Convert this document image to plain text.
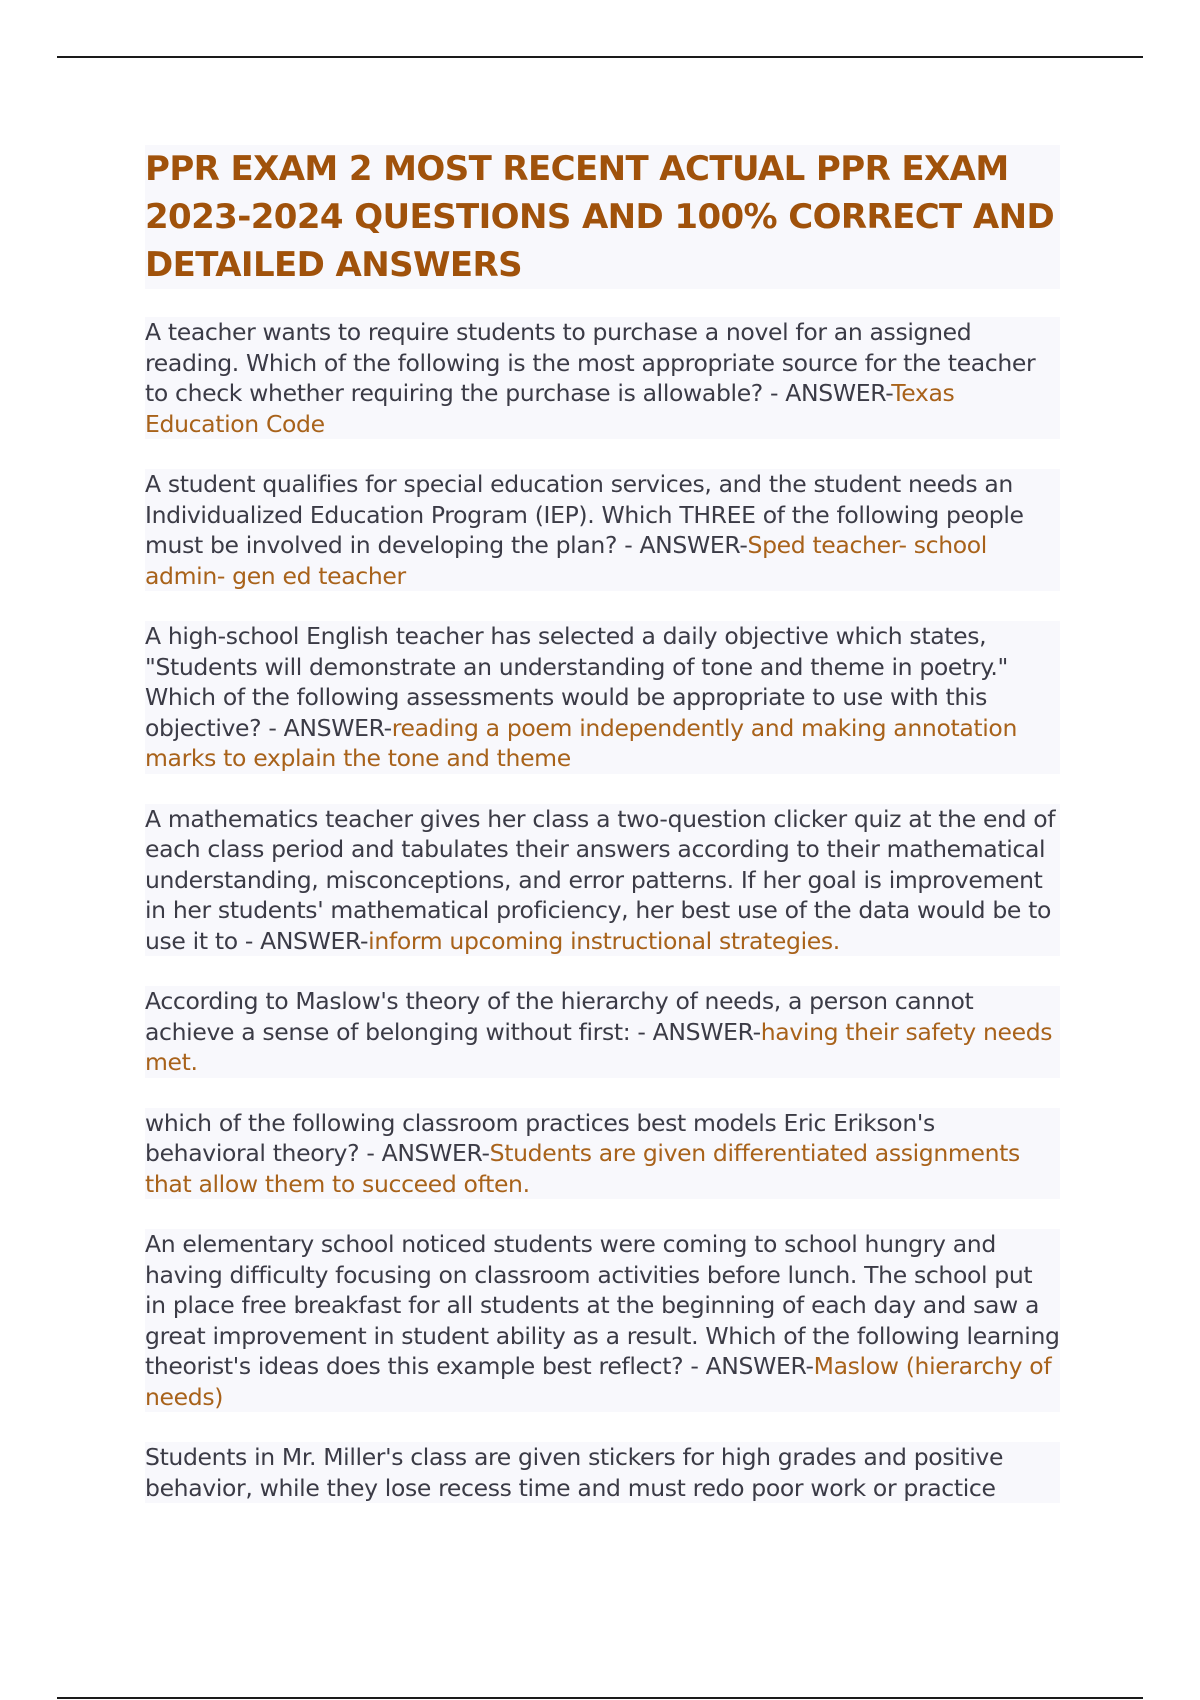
PPR EXAM 2 MOST RECENT ACTUAL PPR EXAM 2023-2024 QUESTIONS AND 100% CORRECT AND DETAILED ANSWERS

A teacher wants to require students to purchase a novel for an assigned reading. Which of the following is the most appropriate source for the teacher to check whether requiring the purchase is allowable? - ANSWER-Texas Education Code

A student qualifies for special education services, and the student needs an Individualized Education Program (IEP). Which THREE of the following people must be involved in developing the plan? - ANSWER-Sped teacher- school admin- gen ed teacher

A high-school English teacher has selected a daily objective which states, "Students will demonstrate an understanding of tone and theme in poetry." Which of the following assessments would be appropriate to use with this objective? - ANSWER-reading a poem independently and making annotation marks to explain the tone and theme

A mathematics teacher gives her class a two-question clicker quiz at the end of each class period and tabulates their answers according to their mathematical understanding, misconceptions, and error patterns. If her goal is improvement in her students' mathematical proficiency, her best use of the data would be to use it to - ANSWER-inform upcoming instructional strategies.

According to Maslow's theory of the hierarchy of needs, a person cannot achieve a sense of belonging without first: - ANSWER-having their safety needs met.

which of the following classroom practices best models Eric Erikson's behavioral theory? - ANSWER-Students are given differentiated assignments that allow them to succeed often.

An elementary school noticed students were coming to school hungry and having difficulty focusing on classroom activities before lunch. The school put in place free breakfast for all students at the beginning of each day and saw a great improvement in student ability as a result. Which of the following learning theorist's ideas does this example best reflect? - ANSWER-Maslow (hierarchy of needs)

Students in Mr. Miller's class are given stickers for high grades and positive behavior, while they lose recess time and must redo poor work or practice
